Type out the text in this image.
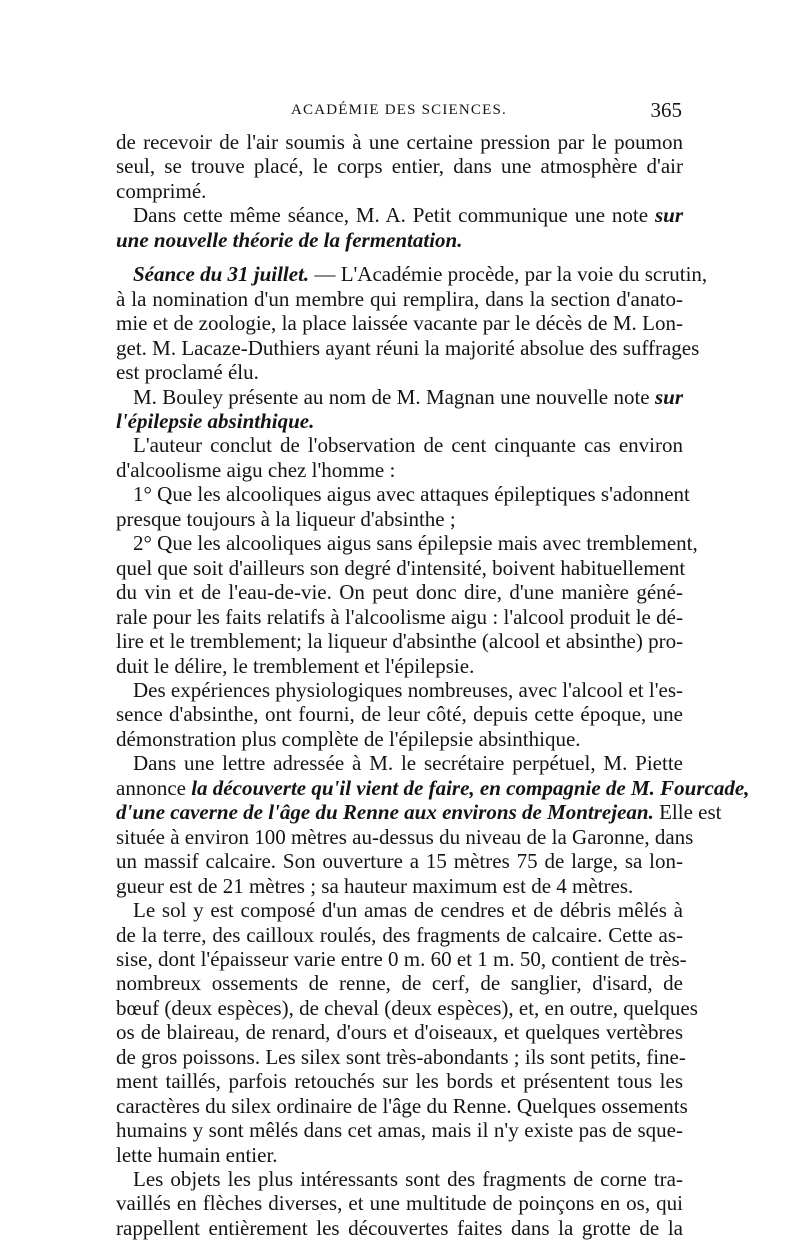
ACADÉMIE DES SCIENCES.	365
de recevoir de l'air soumis à une certaine pression par le poumon
seul, se trouve placé, le corps entier, dans une atmosphère d'air
comprimé.
Dans cette même séance, M. A. Petit communique une note sur
une nouvelle théorie de la fermentation.
Séance du 31 juillet. — L'Académie procède, par la voie du scrutin,
à la nomination d'un membre qui remplira, dans la section d'anato-
mie et de zoologie, la place laissée vacante par le décès de M. Lon-
get. M. Lacaze-Duthiers ayant réuni la majorité absolue des suffrages
est proclamé élu.
M. Bouley présente au nom de M. Magnan une nouvelle note sur
l'épilepsie absinthique.
L'auteur conclut de l'observation de cent cinquante cas environ
d'alcoolisme aigu chez l'homme :
1° Que les alcooliques aigus avec attaques épileptiques s'adonnent
presque toujours à la liqueur d'absinthe ;
2° Que les alcooliques aigus sans épilepsie mais avec tremblement,
quel que soit d'ailleurs son degré d'intensité, boivent habituellement
du vin et de l'eau-de-vie. On peut donc dire, d'une manière géné-
rale pour les faits relatifs à l'alcoolisme aigu : l'alcool produit le dé-
lire et le tremblement; la liqueur d'absinthe (alcool et absinthe) pro-
duit le délire, le tremblement et l'épilepsie.
Des expériences physiologiques nombreuses, avec l'alcool et l'es-
sence d'absinthe, ont fourni, de leur côté, depuis cette époque, une
démonstration plus complète de l'épilepsie absinthique.
Dans une lettre adressée à M. le secrétaire perpétuel, M. Piette
annonce la découverte qu'il vient de faire, en compagnie de M. Fourcade,
d'une caverne de l'âge du Renne aux environs de Montrejean. Elle est
située à environ 100 mètres au-dessus du niveau de la Garonne, dans
un massif calcaire. Son ouverture a 15 mètres 75 de large, sa lon-
gueur est de 21 mètres ; sa hauteur maximum est de 4 mètres.
Le sol y est composé d'un amas de cendres et de débris mêlés à
de la terre, des cailloux roulés, des fragments de calcaire. Cette as-
sise, dont l'épaisseur varie entre 0 m. 60 et 1 m. 50, contient de très-
nombreux ossements de renne, de cerf, de sanglier, d'isard, de
bœuf (deux espèces), de cheval (deux espèces), et, en outre, quelques
os de blaireau, de renard, d'ours et d'oiseaux, et quelques vertèbres
de gros poissons. Les silex sont très-abondants ; ils sont petits, fine-
ment taillés, parfois retouchés sur les bords et présentent tous les
caractères du silex ordinaire de l'âge du Renne. Quelques ossements
humains y sont mêlés dans cet amas, mais il n'y existe pas de sque-
lette humain entier.
Les objets les plus intéressants sont des fragments de corne tra-
vaillés en flèches diverses, et une multitude de poinçons en os, qui
rappellent entièrement les découvertes faites dans la grotte de la
